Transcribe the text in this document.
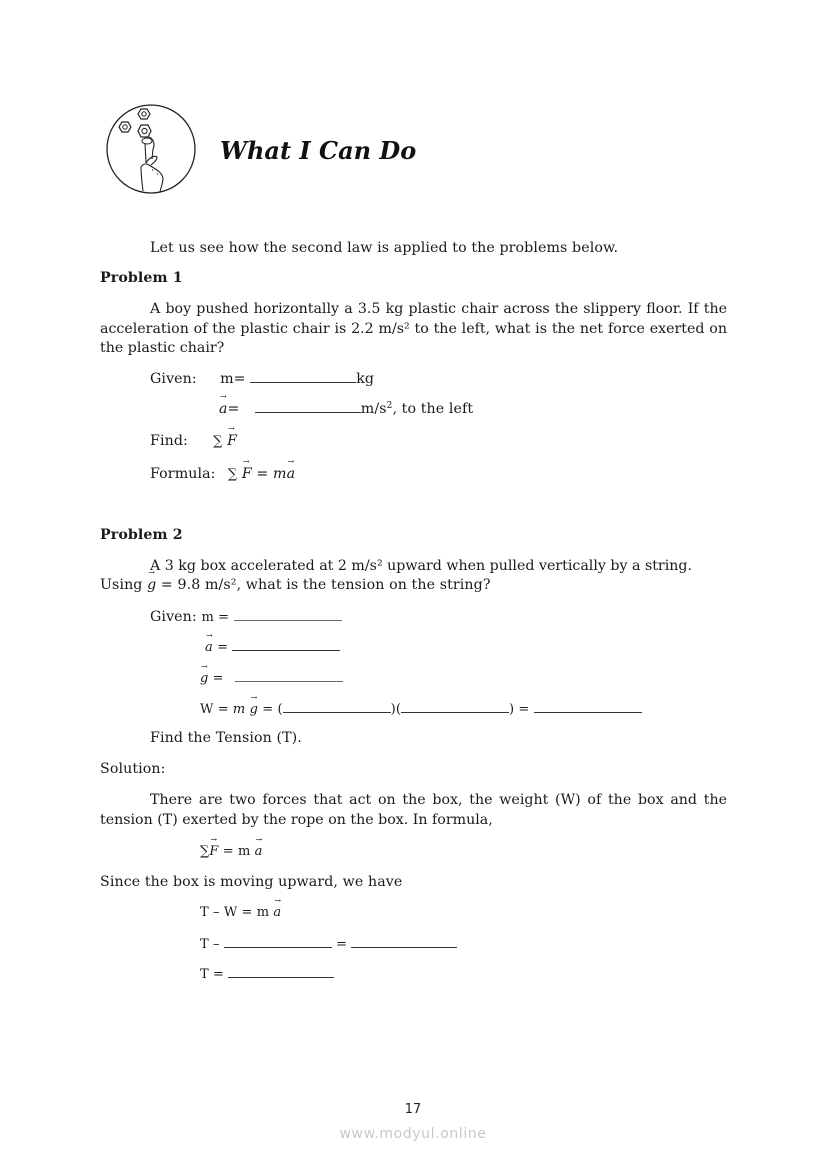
What I Can Do
Let us see how the second law is applied to the problems below.
Problem 1
A boy pushed horizontally a 3.5 kg plastic chair across the slippery floor. If the acceleration of the plastic chair is 2.2 m/s² to the left, what is the net force exerted on the plastic chair?
Given: m=	kg
→ a=	$m/s^2$, to the left
Find: ∑ → F
Formula: ∑ → F = m→ a
Problem 2
A 3 kg box accelerated at 2 m/s² upward when pulled vertically by a string.
Using → g = 9.8 m/s², what is the tension on the string?
Given: m =
→ a =
→ g =
W = m → g = (	)(	) =
Find the Tension (T).
Solution:
There are two forces that act on the box, the weight (W) of the box and the tension (T) exerted by the rope on the box. In formula,
∑→ F = m → a
Since the box is moving upward, we have
T – W = m → a
T –	=
T =
17
www.modyul.online
